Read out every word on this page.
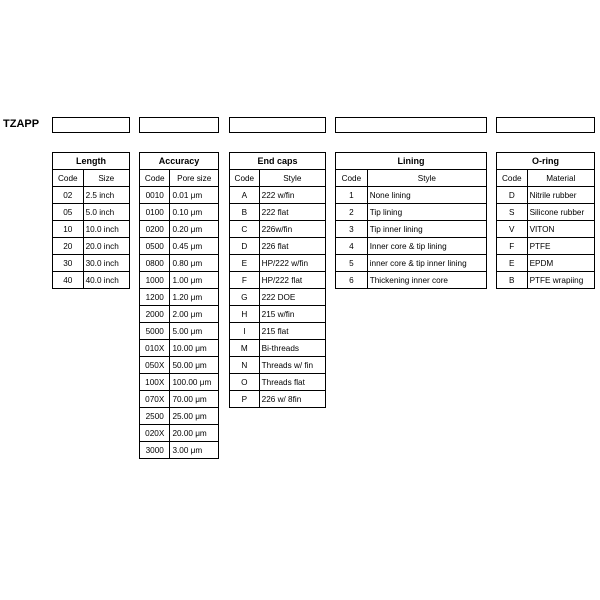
TZAPP
Length	
Code	Size
02	2.5 inch
05	5.0 inch
10	10.0 inch
20	20.0 inch
30	30.0 inch
40	40.0 inch
Accuracy	
Code	Pore size
0010	0.01 μm
0100	0.10 μm
0200	0.20 μm
0500	0.45 μm
0800	0.80 μm
1000	1.00 μm
1200	1.20 μm
2000	2.00 μm
5000	5.00 μm
010X	10.00 μm
050X	50.00 μm
100X	100.00 μm
070X	70.00 μm
2500	25.00 μm
020X	20.00 μm
3000	3.00 μm
End caps	
Code	Style
A	222 w/fin
B	222 flat
C	226w/fin
D	226 flat
E	HP/222 w/fin
F	HP/222 flat
G	222 DOE
H	215 w/fin
I	215 flat
M	Bi-threads
N	Threads w/ fin
O	Threads flat
P	226 w/ 8fin
Lining	
Code	Style
1	None lining
2	Tip lining
3	Tip inner lining
4	Inner core & tip lining
5	inner core & tip inner lining
6	Thickening inner core
O-ring	
Code	Material
D	Nitrile rubber
S	Silicone rubber
V	VITON
F	PTFE
E	EPDM
B	PTFE wrapiing
